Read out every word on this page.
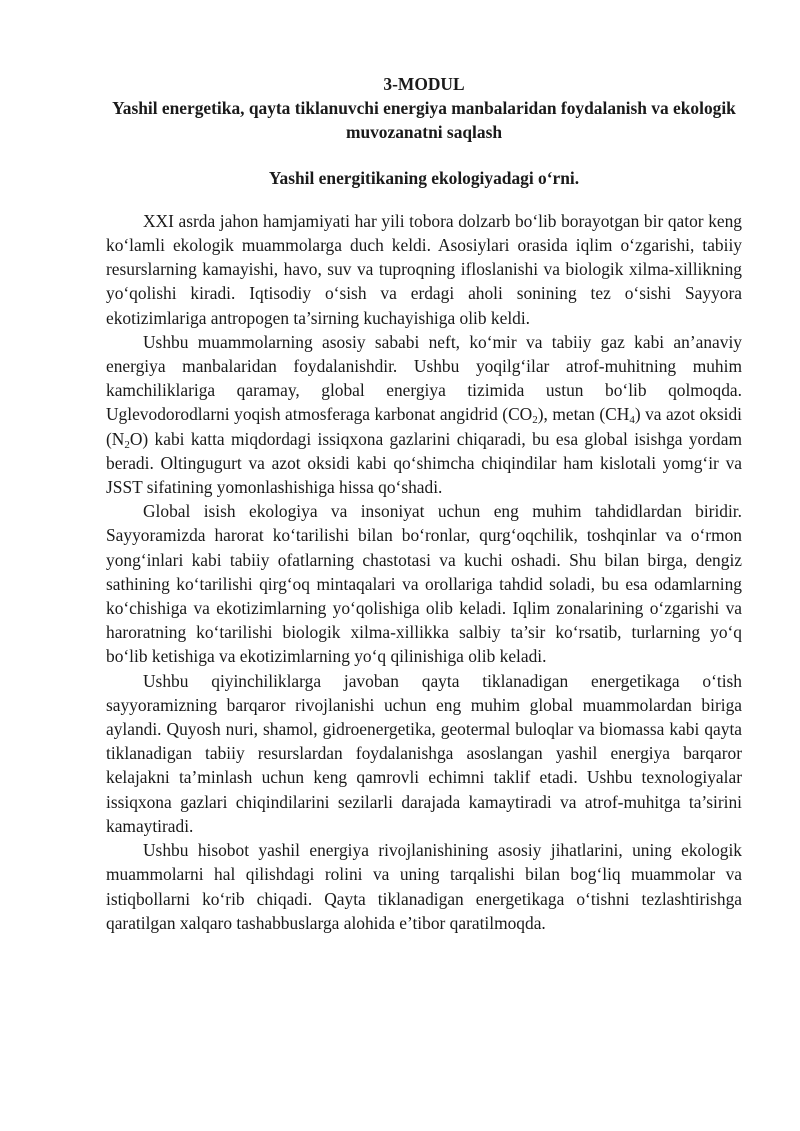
3-MODUL

Yashil energetika, qayta tiklanuvchi energiya manbalaridan foydalanish va ekologik muvozanatni saqlash

Yashil energitikaning ekologiyadagi o‘rni.

XXI asrda jahon hamjamiyati har yili tobora dolzarb bo‘lib borayotgan bir qator keng ko‘lamli ekologik muammolarga duch keldi. Asosiylari orasida iqlim o‘zgarishi, tabiiy resurslarning kamayishi, havo, suv va tuproqning ifloslanishi va biologik xilma-xillikning yo‘qolishi kiradi. Iqtisodiy o‘sish va erdagi aholi sonining tez o‘sishi Sayyora ekotizimlariga antropogen ta’sirning kuchayishiga olib keldi.

Ushbu muammolarning asosiy sababi neft, ko‘mir va tabiiy gaz kabi an’anaviy energiya manbalaridan foydalanishdir. Ushbu yoqilg‘ilar atrof-muhitning muhim kamchiliklariga qaramay, global energiya tizimida ustun bo‘lib qolmoqda. Uglevodorodlarni yoqish atmosferaga karbonat angidrid $(CO_2)$, metan $(CH_4)$ va azot oksidi $(N_2O)$ kabi katta miqdordagi issiqxona gazlarini chiqaradi, bu esa global isishga yordam beradi. Oltingugurt va azot oksidi kabi qo‘shimcha chiqindilar ham kislotali yomg‘ir va JSST sifatining yomonlashishiga hissa qo‘shadi.

Global isish ekologiya va insoniyat uchun eng muhim tahdidlardan biridir. Sayyoramizda harorat ko‘tarilishi bilan bo‘ronlar, qurg‘oqchilik, toshqinlar va o‘rmon yong‘inlari kabi tabiiy ofatlarning chastotasi va kuchi oshadi. Shu bilan birga, dengiz sathining ko‘tarilishi qirg‘oq mintaqalari va orollariga tahdid soladi, bu esa odamlarning ko‘chishiga va ekotizimlarning yo‘qolishiga olib keladi. Iqlim zonalarining o‘zgarishi va haroratning ko‘tarilishi biologik xilma-xillikka salbiy ta’sir ko‘rsatib, turlarning yo‘q bo‘lib ketishiga va ekotizimlarning yo‘q qilinishiga olib keladi.

Ushbu qiyinchiliklarga javoban qayta tiklanadigan energetikaga o‘tish sayyoramizning barqaror rivojlanishi uchun eng muhim global muammolardan biriga aylandi. Quyosh nuri, shamol, gidroenergetika, geotermal buloqlar va biomassa kabi qayta tiklanadigan tabiiy resurslardan foydalanishga asoslangan yashil energiya barqaror kelajakni ta’minlash uchun keng qamrovli echimni taklif etadi. Ushbu texnologiyalar issiqxona gazlari chiqindilarini sezilarli darajada kamaytiradi va atrof-muhitga ta’sirini kamaytiradi.

Ushbu hisobot yashil energiya rivojlanishining asosiy jihatlarini, uning ekologik muammolarni hal qilishdagi rolini va uning tarqalishi bilan bog‘liq muammolar va istiqbollarni ko‘rib chiqadi. Qayta tiklanadigan energetikaga o‘tishni tezlashtirishga qaratilgan xalqaro tashabbuslarga alohida e’tibor qaratilmoqda.
